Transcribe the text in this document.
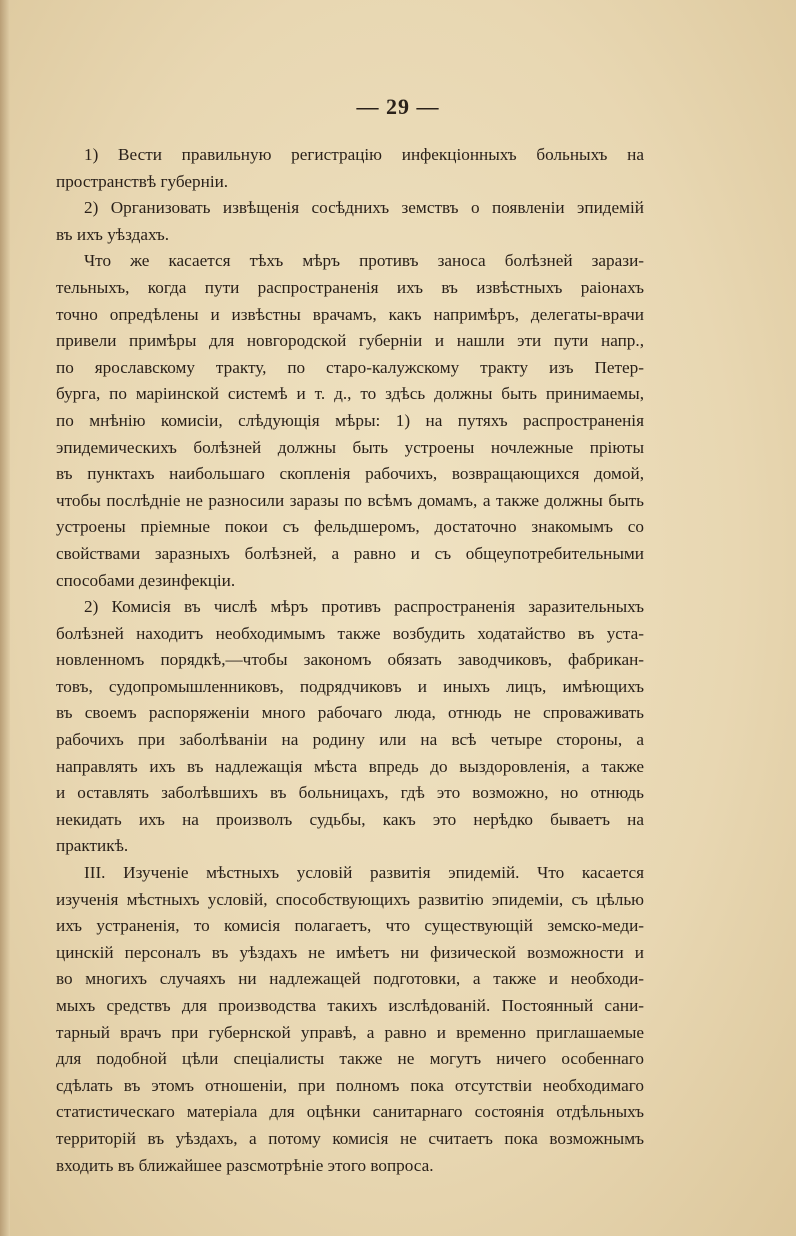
— 29 —
1) Вести правильную регистрацію инфекціонныхъ больныхъ на
пространствѣ губерніи.
2) Организовать извѣщенія сосѣднихъ земствъ о появленіи эпидемій
въ ихъ уѣздахъ.
Что же касается тѣхъ мѣръ противъ заноса болѣзней зарази-
тельныхъ, когда пути распространенія ихъ въ извѣстныхъ раіонахъ
точно опредѣлены и извѣстны врачамъ, какъ напримѣръ, делегаты-врачи
привели примѣры для новгородской губерніи и нашли эти пути напр.,
по ярославскому тракту, по старо-калужскому тракту изъ Петер-
бурга, по маріинской системѣ и т. д., то здѣсь должны быть принимаемы,
по мнѣнію комисіи, слѣдующія мѣры: 1) на путяхъ распространенія
эпидемическихъ болѣзней должны быть устроены ночлежные пріюты
въ пунктахъ наибольшаго скопленія рабочихъ, возвращающихся домой,
чтобы послѣдніе не разносили заразы по всѣмъ домамъ, а также должны быть
устроены пріемные покои съ фельдшеромъ, достаточно знакомымъ со
свойствами заразныхъ болѣзней, а равно и съ общеупотребительными
способами дезинфекціи.
2) Комисія въ числѣ мѣръ противъ распространенія заразительныхъ
болѣзней находитъ необходимымъ также возбудить ходатайство въ уста-
новленномъ порядкѣ,—чтобы закономъ обязать заводчиковъ, фабрикан-
товъ, судопромышленниковъ, подрядчиковъ и иныхъ лицъ, имѣющихъ
въ своемъ распоряженіи много рабочаго люда, отнюдь не спроваживать
рабочихъ при заболѣваніи на родину или на всѣ четыре стороны, а
направлять ихъ въ надлежащія мѣста впредь до выздоровленія, а также
и оставлять заболѣвшихъ въ больницахъ, гдѣ это возможно, но отнюдь
некидать ихъ на произволъ судьбы, какъ это нерѣдко бываетъ на
практикѣ.
III. Изученіе мѣстныхъ условій развитія эпидемій. Что касается
изученія мѣстныхъ условій, способствующихъ развитію эпидеміи, съ цѣлью
ихъ устраненія, то комисія полагаетъ, что существующій земско-меди-
цинскій персоналъ въ уѣздахъ не имѣетъ ни физической возможности и
во многихъ случаяхъ ни надлежащей подготовки, а также и необходи-
мыхъ средствъ для производства такихъ изслѣдованій. Постоянный сани-
тарный врачъ при губернской управѣ, а равно и временно приглашаемые
для подобной цѣли спеціалисты также не могутъ ничего особеннаго
сдѣлать въ этомъ отношеніи, при полномъ пока отсутствіи необходимаго
статистическаго матеріала для оцѣнки санитарнаго состоянія отдѣльныхъ
территорій въ уѣздахъ, а потому комисія не считаетъ пока возможнымъ
входить въ ближайшее разсмотрѣніе этого вопроса.
